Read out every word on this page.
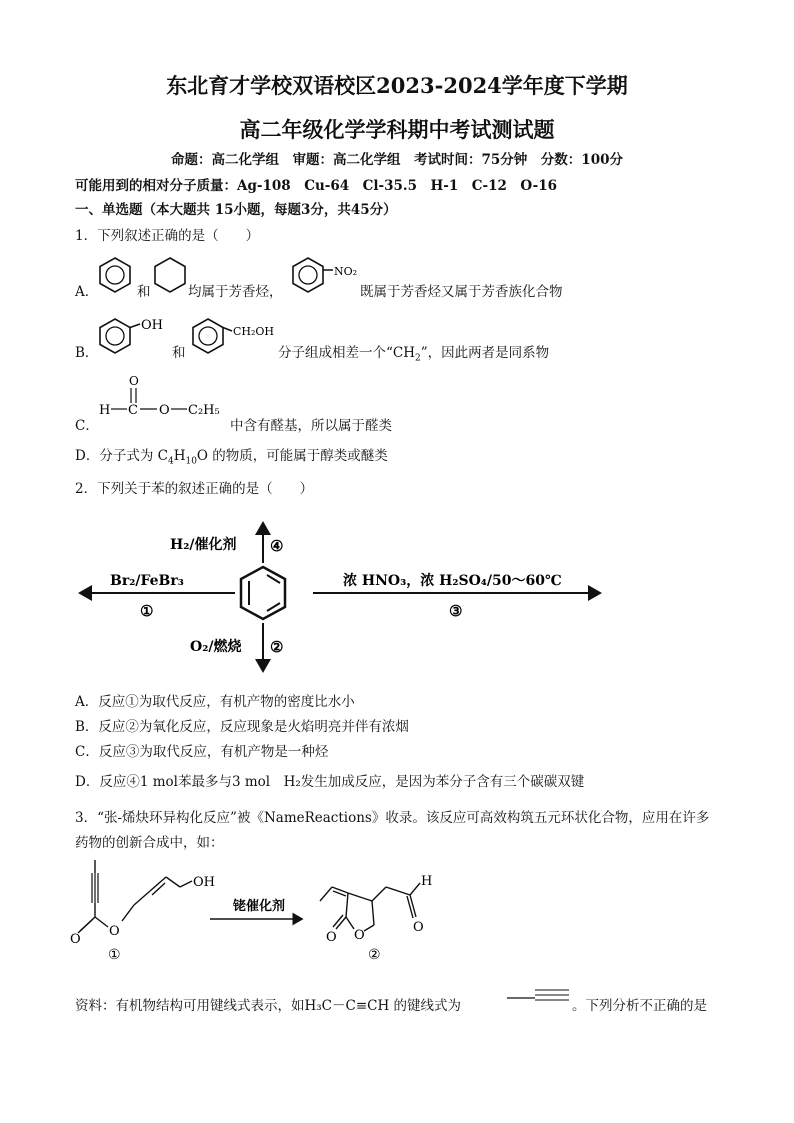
东北育才学校双语校区2023-2024学年度下学期
高二年级化学学科期中考试测试题
命题：高二化学组　审题：高二化学组　考试时间：75分钟　分数：100分
可能用到的相对分子质量：Ag-108　Cu-64　Cl-35.5　H-1　C-12　O-16
一、单选题（本大题共 15小题，每题3分，共45分）
1．下列叙述正确的是（　　）
A．	和	均属于芳香烃，
NO₂
既属于芳香烃又属于芳香族化合物
B．
OH
和
CH₂OH
分子组成相差一个“$CH_2$”，因此两者是同系物
C．
O
H C O C₂H₅
中含有醛基，所以属于醛类
D．分子式为 $C_4H_{10}O$ 的物质，可能属于醇类或醚类
2．下列关于苯的叙述正确的是（　　）
H₂/催化剂 ④
Br₂/FeBr₃
①
浓 HNO₃，浓 H₂SO₄/50～60℃
③
O₂/燃烧 ②
A．反应①为取代反应，有机产物的密度比水小
B．反应②为氧化反应，反应现象是火焰明亮并伴有浓烟
C．反应③为取代反应，有机产物是一种烃
D．反应④1 mol苯最多与3 mol　H₂发生加成反应，是因为苯分子含有三个碳碳双键
3．“张-烯炔环异构化反应”被《NameReactions》收录。该反应可高效构筑五元环状化合物，应用在许多
药物的创新合成中，如：
OH
O
O
①
铑催化剂
H
O
O O
②
资料：有机物结构可用键线式表示，如H₃C－C≡CH 的键线式为	。下列分析不正确的是
